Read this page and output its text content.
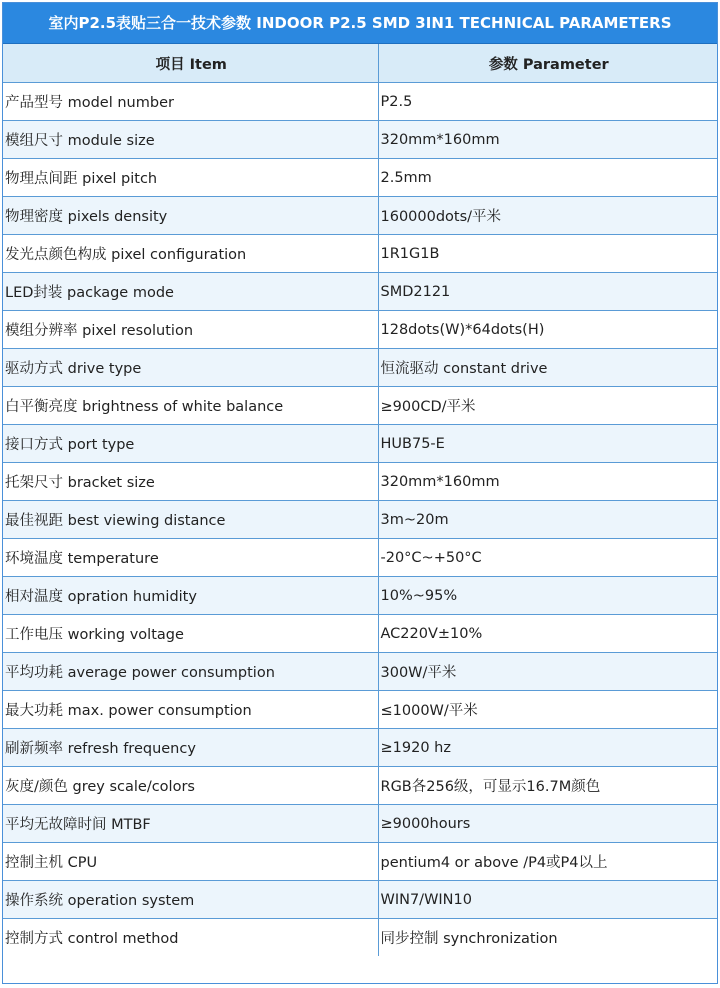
室内P2.5表贴三合一技术参数 INDOOR P2.5 SMD 3IN1 TECHNICAL PARAMETERS
项目 Item	参数 Parameter
产品型号 model number	P2.5
模组尺寸 module size	320mm*160mm
物理点间距 pixel pitch	2.5mm
物理密度 pixels density	160000dots/平米
发光点颜色构成 pixel configuration	1R1G1B
LED封装 package mode	SMD2121
模组分辨率 pixel resolution	128dots(W)*64dots(H)
驱动方式 drive type	恒流驱动 constant drive
白平衡亮度 brightness of white balance	≥900CD/平米
接口方式 port type	HUB75-E
托架尺寸 bracket size	320mm*160mm
最佳视距 best viewing distance	3m~20m
环境温度 temperature	-20°C~+50°C
相对温度 opration humidity	10%~95%
工作电压 working voltage	AC220V±10%
平均功耗 average power consumption	300W/平米
最大功耗 max. power consumption	≤1000W/平米
刷新频率 refresh frequency	≥1920 hz
灰度/颜色 grey scale/colors	RGB各256级，可显示16.7M颜色
平均无故障时间 MTBF	≥9000hours
控制主机 CPU	pentium4 or above /P4或P4以上
操作系统 operation system	WIN7/WIN10
控制方式 control method	同步控制 synchronization
